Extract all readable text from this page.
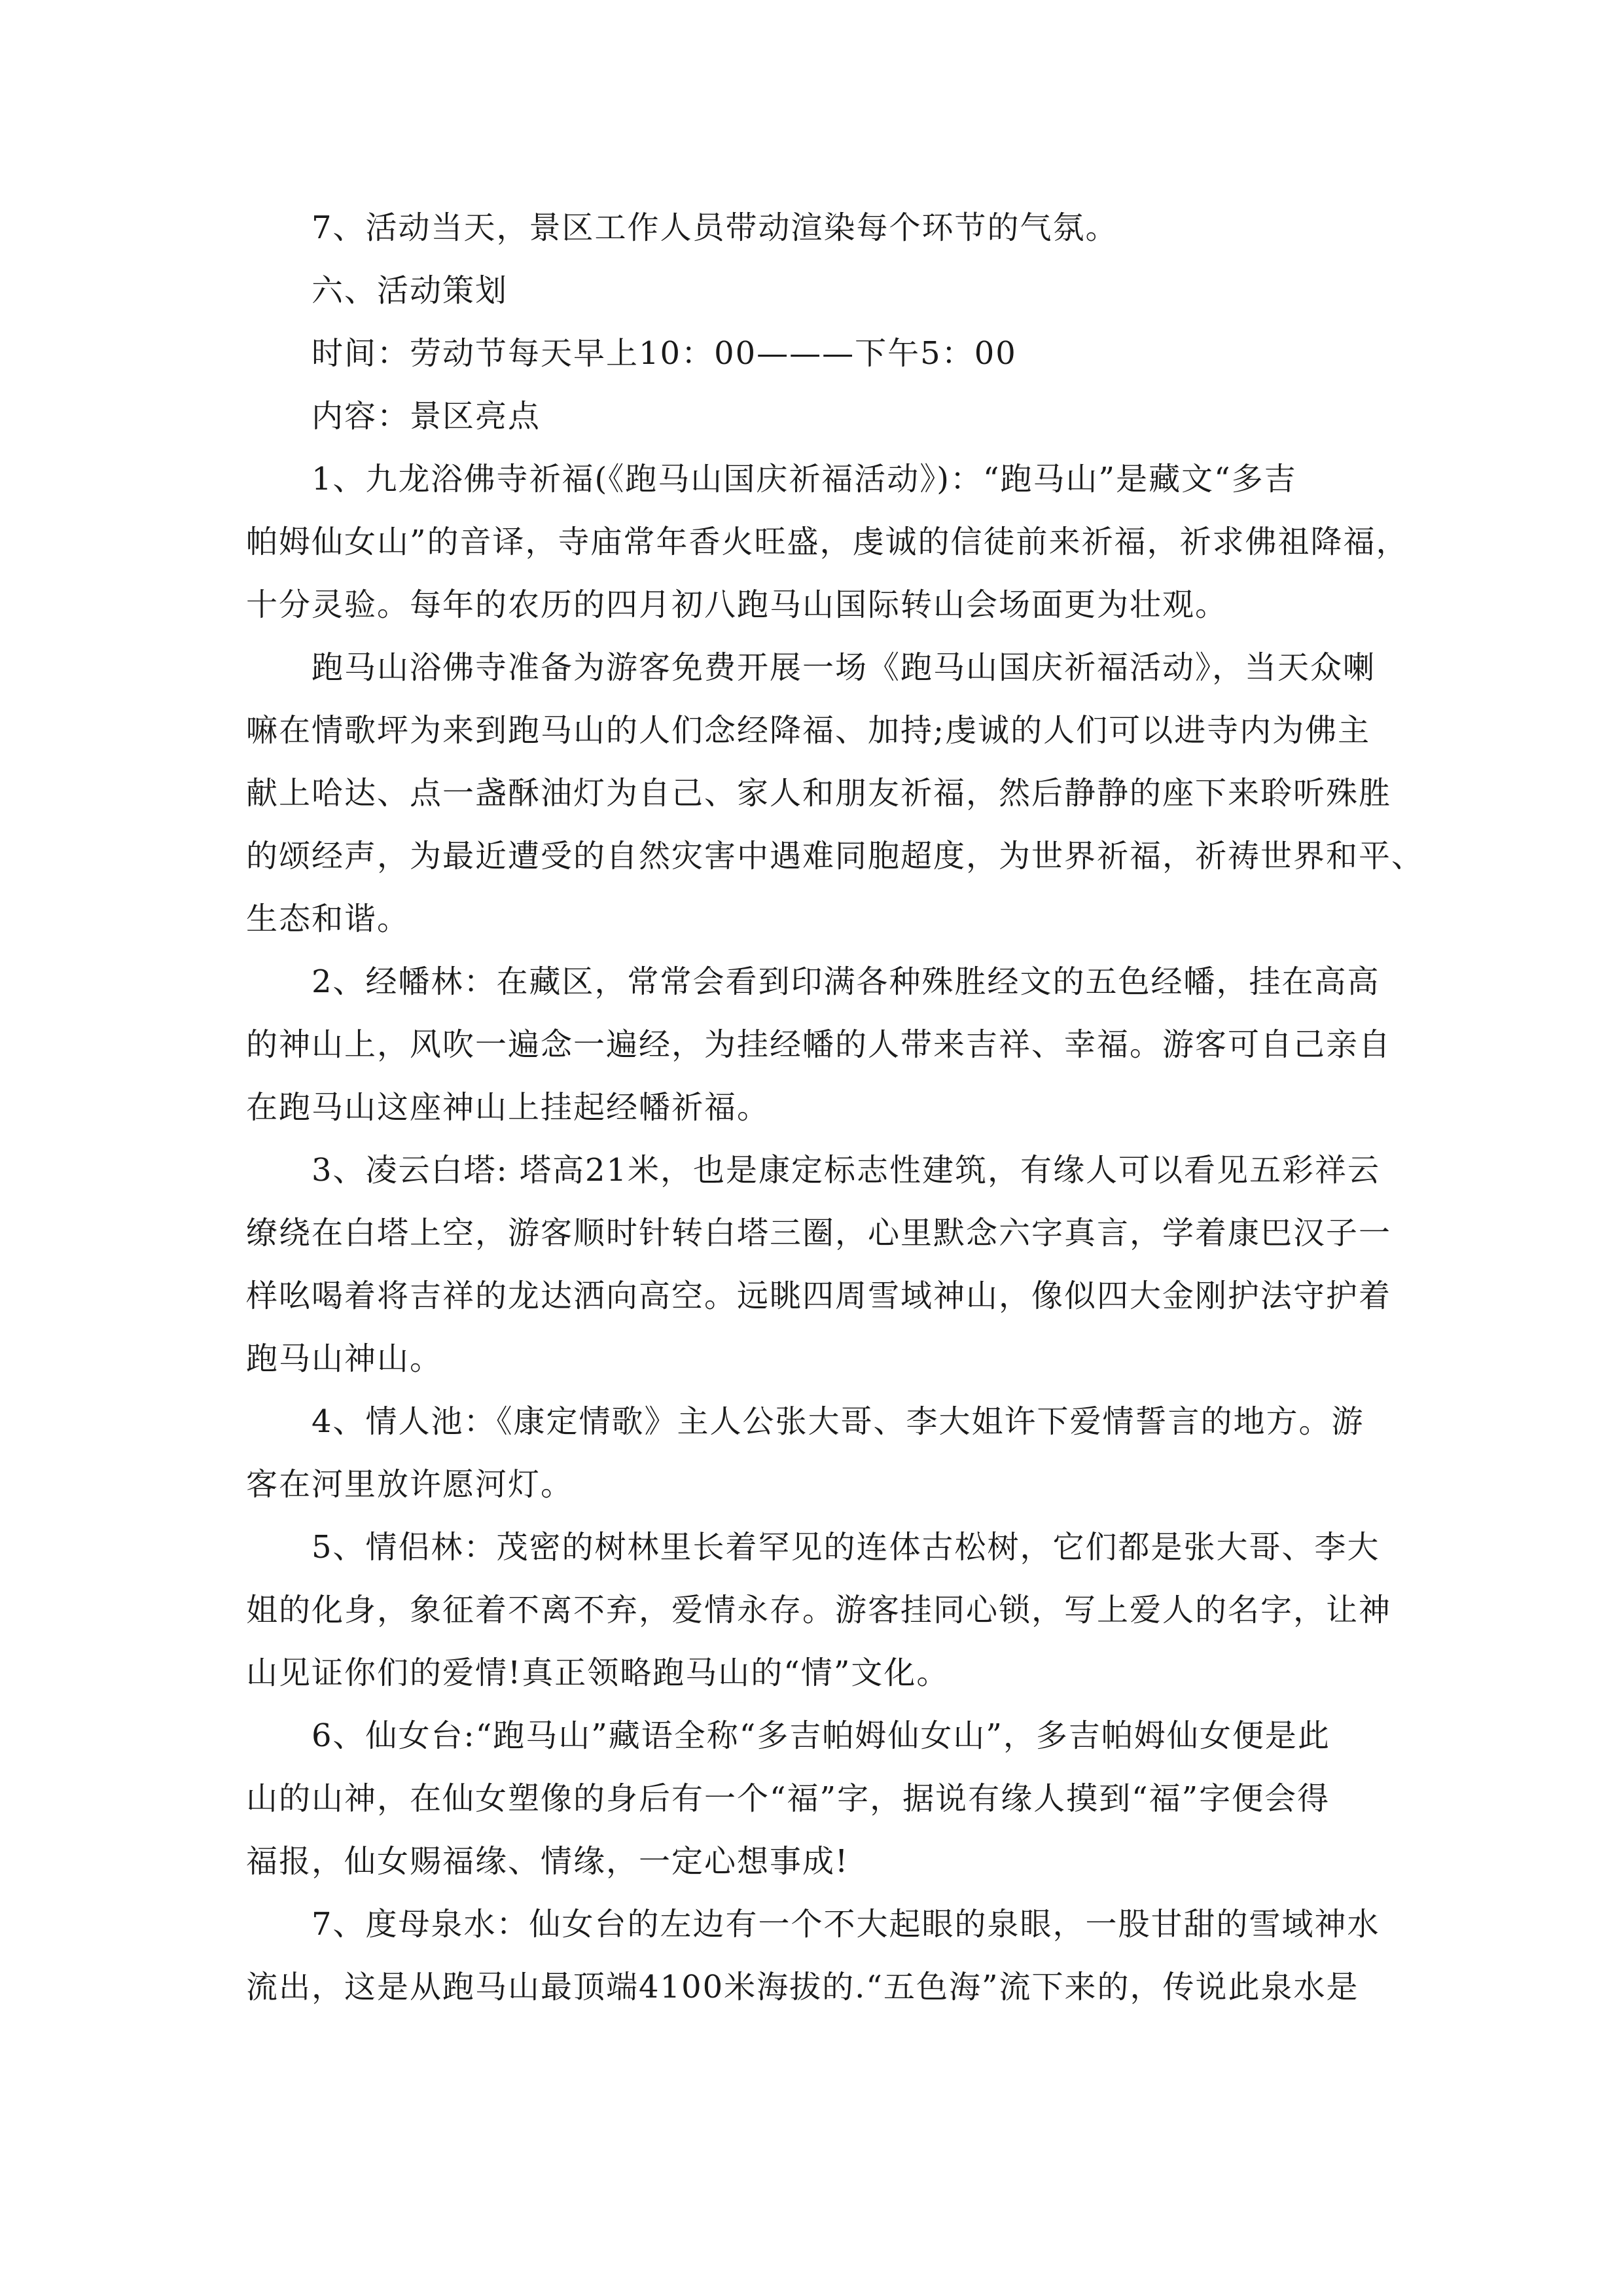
7、活动当天，景区工作人员带动渲染每个环节的气氛。
六、活动策划
时间：劳动节每天早上10：00———下午5：00
内容：景区亮点
1、九龙浴佛寺祈福(《跑马山国庆祈福活动》)：“跑马山”是藏文“多吉
帕姆仙女山”的音译，寺庙常年香火旺盛，虔诚的信徒前来祈福，祈求佛祖降福，
十分灵验。每年的农历的四月初八跑马山国际转山会场面更为壮观。
跑马山浴佛寺准备为游客免费开展一场《跑马山国庆祈福活动》，当天众喇
嘛在情歌坪为来到跑马山的人们念经降福、加持;虔诚的人们可以进寺内为佛主
献上哈达、点一盏酥油灯为自己、家人和朋友祈福，然后静静的座下来聆听殊胜
的颂经声，为最近遭受的自然灾害中遇难同胞超度，为世界祈福，祈祷世界和平、
生态和谐。
2、经幡林：在藏区，常常会看到印满各种殊胜经文的五色经幡，挂在高高
的神山上，风吹一遍念一遍经，为挂经幡的人带来吉祥、幸福。游客可自己亲自
在跑马山这座神山上挂起经幡祈福。
3、凌云白塔: 塔高21米，也是康定标志性建筑，有缘人可以看见五彩祥云
缭绕在白塔上空，游客顺时针转白塔三圈，心里默念六字真言，学着康巴汉子一
样吆喝着将吉祥的龙达洒向高空。远眺四周雪域神山，像似四大金刚护法守护着
跑马山神山。
4、情人池：《康定情歌》主人公张大哥、李大姐许下爱情誓言的地方。游
客在河里放许愿河灯。
5、情侣林：茂密的树林里长着罕见的连体古松树，它们都是张大哥、李大
姐的化身，象征着不离不弃，爱情永存。游客挂同心锁，写上爱人的名字，让神
山见证你们的爱情!真正领略跑马山的“情”文化。
6、仙女台:“跑马山”藏语全称“多吉帕姆仙女山”，多吉帕姆仙女便是此
山的山神，在仙女塑像的身后有一个“福”字，据说有缘人摸到“福”字便会得
福报，仙女赐福缘、情缘，一定心想事成!
7、度母泉水：仙女台的左边有一个不大起眼的泉眼，一股甘甜的雪域神水
流出，这是从跑马山最顶端4100米海拔的.“五色海”流下来的，传说此泉水是
